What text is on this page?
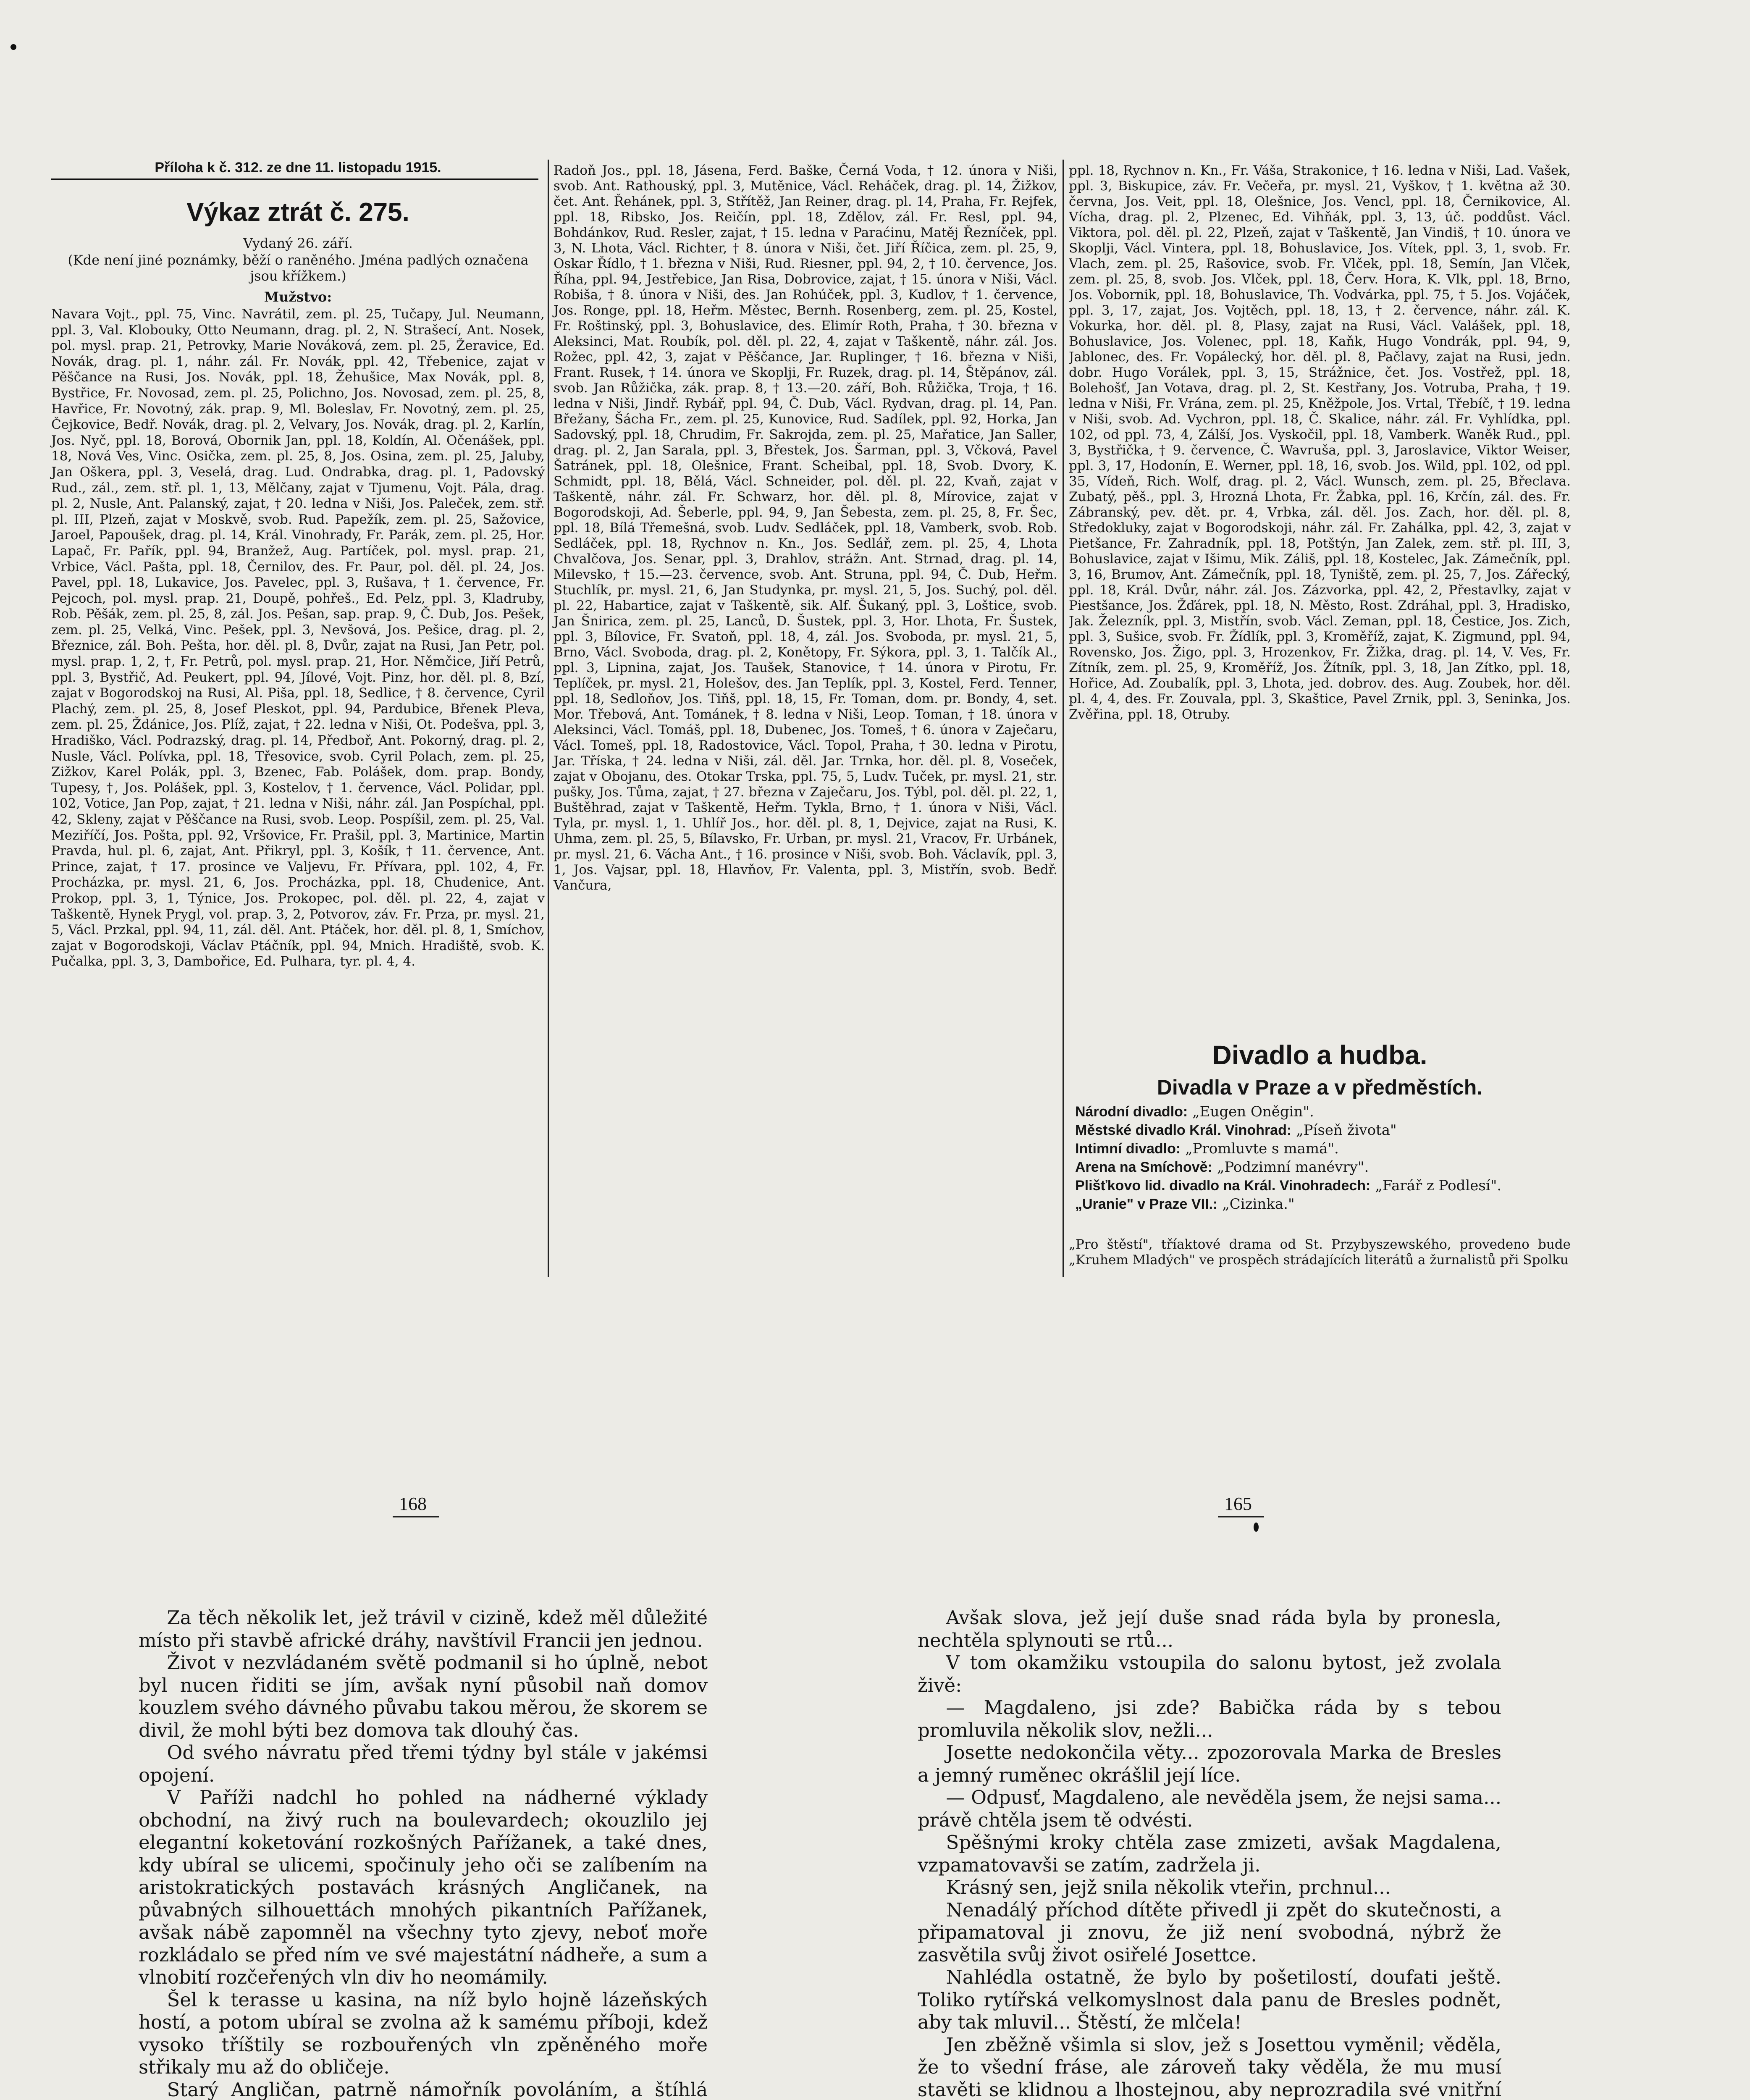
Příloha k č. 312. ze dne 11. listopadu 1915.
Výkaz ztrát č. 275.
Vydaný 26. září.
(Kde není jiné poznámky, běží o raněného. Jména padlých označena jsou křížkem.)
Mužstvo:
Navara Vojt., ppl. 75, Vinc. Navrátil, zem. pl. 25, Tučapy, Jul. Neumann, ppl. 3, Val. Klobouky, Otto Neumann, drag. pl. 2, N. Strašecí, Ant. Nosek, pol. mysl. prap. 21, Petrovky, Marie Nováková, zem. pl. 25, Žeravice, Ed. Novák, drag. pl. 1, náhr. zál. Fr. Novák, ppl. 42, Třebenice, zajat v Pěščance na Rusi, Jos. Novák, ppl. 18, Žehušice, Max Novák, ppl. 8, Bystřice, Fr. Novosad, zem. pl. 25, Polichno, Jos. Novosad, zem. pl. 25, 8, Havřice, Fr. Novotný, zák. prap. 9, Ml. Boleslav, Fr. Novotný, zem. pl. 25, Čejkovice, Bedř. Novák, drag. pl. 2, Velvary, Jos. Novák, drag. pl. 2, Karlín, Jos. Nyč, ppl. 18, Borová, Obornik Jan, ppl. 18, Koldín, Al. Očenášek, ppl. 18, Nová Ves, Vinc. Osička, zem. pl. 25, 8, Jos. Osina, zem. pl. 25, Jaluby, Jan Oškera, ppl. 3, Veselá, drag. Lud. Ondrabka, drag. pl. 1, Padovský Rud., zál., zem. stř. pl. 1, 13, Mělčany, zajat v Tjumenu, Vojt. Pála, drag. pl. 2, Nusle, Ant. Palanský, zajat, † 20. ledna v Niši, Jos. Paleček, zem. stř. pl. III, Plzeň, zajat v Moskvě, svob. Rud. Papežík, zem. pl. 25, Sažovice, Jaroel, Papoušek, drag. pl. 14, Král. Vinohrady, Fr. Parák, zem. pl. 25, Hor. Lapač, Fr. Pařík, ppl. 94, Branžež, Aug. Partíček, pol. mysl. prap. 21, Vrbice, Václ. Pašta, ppl. 18, Černilov, des. Fr. Paur, pol. děl. pl. 24, Jos. Pavel, ppl. 18, Lukavice, Jos. Pavelec, ppl. 3, Rušava, † 1. července, Fr. Pejcoch, pol. mysl. prap. 21, Doupě, pohřeš., Ed. Pelz, ppl. 3, Kladruby, Rob. Pěšák, zem. pl. 25, 8, zál. Jos. Pešan, sap. prap. 9, Č. Dub, Jos. Pešek, zem. pl. 25, Velká, Vinc. Pešek, ppl. 3, Nevšová, Jos. Pešice, drag. pl. 2, Březnice, zál. Boh. Pešta, hor. děl. pl. 8, Dvůr, zajat na Rusi, Jan Petr, pol. mysl. prap. 1, 2, †, Fr. Petrů, pol. mysl. prap. 21, Hor. Němčice, Jiří Petrů, ppl. 3, Bystřič, Ad. Peukert, ppl. 94, Jílové, Vojt. Pinz, hor. děl. pl. 8, Bzí, zajat v Bogorodskoj na Rusi, Al. Piša, ppl. 18, Sedlice, † 8. července, Cyril Plachý, zem. pl. 25, 8, Josef Pleskot, ppl. 94, Pardubice, Břenek Pleva, zem. pl. 25, Ždánice, Jos. Plíž, zajat, † 22. ledna v Niši, Ot. Podešva, ppl. 3, Hradiško, Václ. Podrazský, drag. pl. 14, Předboř, Ant. Pokorný, drag. pl. 2, Nusle, Václ. Polívka, ppl. 18, Třesovice, svob. Cyril Polach, zem. pl. 25, Zižkov, Karel Polák, ppl. 3, Bzenec, Fab. Polášek, dom. prap. Bondy, Tupesy, †, Jos. Polášek, ppl. 3, Kostelov, † 1. července, Václ. Polidar, ppl. 102, Votice, Jan Pop, zajat, † 21. ledna v Niši, náhr. zál. Jan Pospíchal, ppl. 42, Skleny, zajat v Pěščance na Rusi, svob. Leop. Pospíšil, zem. pl. 25, Val. Meziříčí, Jos. Pošta, ppl. 92, Vršovice, Fr. Prašil, ppl. 3, Martinice, Martin Pravda, hul. pl. 6, zajat, Ant. Přikryl, ppl. 3, Košík, † 11. července, Ant. Prince, zajat, † 17. prosince ve Valjevu, Fr. Přívara, ppl. 102, 4, Fr. Procházka, pr. mysl. 21, 6, Jos. Procházka, ppl. 18, Chudenice, Ant. Prokop, ppl. 3, 1, Týnice, Jos. Prokopec, pol. děl. pl. 22, 4, zajat v Taškentě, Hynek Prygl, vol. prap. 3, 2, Potvorov, záv. Fr. Prza, pr. mysl. 21, 5, Václ. Przkal, ppl. 94, 11, zál. děl. Ant. Ptáček, hor. děl. pl. 8, 1, Smíchov, zajat v Bogorodskoji, Václav Ptáčník, ppl. 94, Mnich. Hradiště, svob. K. Pučalka, ppl. 3, 3, Dambořice, Ed. Pulhara, tyr. pl. 4, 4.
Radoň Jos., ppl. 18, Jásena, Ferd. Baške, Černá Voda, † 12. února v Niši, svob. Ant. Rathouský, ppl. 3, Mutěnice, Václ. Reháček, drag. pl. 14, Žižkov, čet. Ant. Řehánek, ppl. 3, Střítěž, Jan Reiner, drag. pl. 14, Praha, Fr. Rejfek, ppl. 18, Ribsko, Jos. Reičín, ppl. 18, Zdělov, zál. Fr. Resl, ppl. 94, Bohdánkov, Rud. Resler, zajat, † 15. ledna v Paraćinu, Matěj Řezníček, ppl. 3, N. Lhota, Václ. Richter, † 8. února v Niši, čet. Jiří Říčica, zem. pl. 25, 9, Oskar Řídlo, † 1. března v Niši, Rud. Riesner, ppl. 94, 2, † 10. července, Jos. Říha, ppl. 94, Jestřebice, Jan Risa, Dobrovice, zajat, † 15. února v Niši, Václ. Robiša, † 8. února v Niši, des. Jan Rohúček, ppl. 3, Kudlov, † 1. července, Jos. Ronge, ppl. 18, Heřm. Městec, Bernh. Rosenberg, zem. pl. 25, Kostel, Fr. Roštinský, ppl. 3, Bohuslavice, des. Elimír Roth, Praha, † 30. března v Aleksinci, Mat. Roubík, pol. děl. pl. 22, 4, zajat v Taškentě, náhr. zál. Jos. Rožec, ppl. 42, 3, zajat v Pěščance, Jar. Ruplinger, † 16. března v Niši, Frant. Rusek, † 14. února ve Skoplji, Fr. Ruzek, drag. pl. 14, Štěpánov, zál. svob. Jan Růžička, zák. prap. 8, † 13.—20. září, Boh. Růžička, Troja, † 16. ledna v Niši, Jindř. Rybář, ppl. 94, Č. Dub, Václ. Rydvan, drag. pl. 14, Pan. Břežany, Šácha Fr., zem. pl. 25, Kunovice, Rud. Sadílek, ppl. 92, Horka, Jan Sadovský, ppl. 18, Chrudim, Fr. Sakrojda, zem. pl. 25, Mařatice, Jan Saller, drag. pl. 2, Jan Sarala, ppl. 3, Břestek, Jos. Šarman, ppl. 3, Včková, Pavel Šatránek, ppl. 18, Olešnice, Frant. Scheibal, ppl. 18, Svob. Dvory, K. Schmidt, ppl. 18, Bělá, Václ. Schneider, pol. děl. pl. 22, Kvaň, zajat v Taškentě, náhr. zál. Fr. Schwarz, hor. děl. pl. 8, Mírovice, zajat v Bogorodskoji, Ad. Šeberle, ppl. 94, 9, Jan Šebesta, zem. pl. 25, 8, Fr. Šec, ppl. 18, Bílá Třemešná, svob. Ludv. Sedláček, ppl. 18, Vamberk, svob. Rob. Sedláček, ppl. 18, Rychnov n. Kn., Jos. Sedlář, zem. pl. 25, 4, Lhota Chvalčova, Jos. Senar, ppl. 3, Drahlov, strážn. Ant. Strnad, drag. pl. 14, Milevsko, † 15.—23. července, svob. Ant. Struna, ppl. 94, Č. Dub, Heřm. Stuchlík, pr. mysl. 21, 6, Jan Studynka, pr. mysl. 21, 5, Jos. Suchý, pol. děl. pl. 22, Habartice, zajat v Taškentě, sik. Alf. Šukaný, ppl. 3, Loštice, svob. Jan Šnirica, zem. pl. 25, Lanců, D. Šustek, ppl. 3, Hor. Lhota, Fr. Šustek, ppl. 3, Bílovice, Fr. Svatoň, ppl. 18, 4, zál. Jos. Svoboda, pr. mysl. 21, 5, Brno, Václ. Svoboda, drag. pl. 2, Konětopy, Fr. Sýkora, ppl. 3, 1. Talčík Al., ppl. 3, Lipnina, zajat, Jos. Taušek, Stanovice, † 14. února v Pirotu, Fr. Teplíček, pr. mysl. 21, Holešov, des. Jan Teplík, ppl. 3, Kostel, Ferd. Tenner, ppl. 18, Sedloňov, Jos. Tiňš, ppl. 18, 15, Fr. Toman, dom. pr. Bondy, 4, set. Mor. Třebová, Ant. Tománek, † 8. ledna v Niši, Leop. Toman, † 18. února v Aleksinci, Václ. Tomáš, ppl. 18, Dubenec, Jos. Tomeš, † 6. února v Zaječaru, Václ. Tomeš, ppl. 18, Radostovice, Václ. Topol, Praha, † 30. ledna v Pirotu, Jar. Tříska, † 24. ledna v Niši, zál. děl. Jar. Trnka, hor. děl. pl. 8, Voseček, zajat v Obojanu, des. Otokar Trska, ppl. 75, 5, Ludv. Tuček, pr. mysl. 21, str. pušky, Jos. Tůma, zajat, † 27. března v Zaječaru, Jos. Týbl, pol. děl. pl. 22, 1, Buštěhrad, zajat v Taškentě, Heřm. Tykla, Brno, † 1. února v Niši, Václ. Tyla, pr. mysl. 1, 1. Uhlíř Jos., hor. děl. pl. 8, 1, Dejvice, zajat na Rusi, K. Uhma, zem. pl. 25, 5, Bílavsko, Fr. Urban, pr. mysl. 21, Vracov, Fr. Urbánek, pr. mysl. 21, 6. Vácha Ant., † 16. prosince v Niši, svob. Boh. Václavík, ppl. 3, 1, Jos. Vajsar, ppl. 18, Hlavňov, Fr. Valenta, ppl. 3, Mistřín, svob. Bedř. Vančura,
ppl. 18, Rychnov n. Kn., Fr. Váša, Strakonice, † 16. ledna v Niši, Lad. Vašek, ppl. 3, Biskupice, záv. Fr. Večeřa, pr. mysl. 21, Vyškov, † 1. května až 30. června, Jos. Veit, ppl. 18, Olešnice, Jos. Vencl, ppl. 18, Černikovice, Al. Vícha, drag. pl. 2, Plzenec, Ed. Vihňák, ppl. 3, 13, úč. poddůst. Václ. Viktora, pol. děl. pl. 22, Plzeň, zajat v Taškentě, Jan Vindiš, † 10. února ve Skoplji, Václ. Vintera, ppl. 18, Bohuslavice, Jos. Vítek, ppl. 3, 1, svob. Fr. Vlach, zem. pl. 25, Rašovice, svob. Fr. Vlček, ppl. 18, Semín, Jan Vlček, zem. pl. 25, 8, svob. Jos. Vlček, ppl. 18, Červ. Hora, K. Vlk, ppl. 18, Brno, Jos. Vobornik, ppl. 18, Bohuslavice, Th. Vodvárka, ppl. 75, † 5. Jos. Vojáček, ppl. 3, 17, zajat, Jos. Vojtěch, ppl. 18, 13, † 2. července, náhr. zál. K. Vokurka, hor. děl. pl. 8, Plasy, zajat na Rusi, Václ. Valášek, ppl. 18, Bohuslavice, Jos. Volenec, ppl. 18, Kaňk, Hugo Vondrák, ppl. 94, 9, Jablonec, des. Fr. Vopálecký, hor. děl. pl. 8, Pačlavy, zajat na Rusi, jedn. dobr. Hugo Vorálek, ppl. 3, 15, Strážnice, čet. Jos. Vostřež, ppl. 18, Bolehošť, Jan Votava, drag. pl. 2, St. Kestřany, Jos. Votruba, Praha, † 19. ledna v Niši, Fr. Vrána, zem. pl. 25, Kněžpole, Jos. Vrtal, Třebíč, † 19. ledna v Niši, svob. Ad. Vychron, ppl. 18, Č. Skalice, náhr. zál. Fr. Vyhlídka, ppl. 102, od ppl. 73, 4, Zálší, Jos. Vyskočil, ppl. 18, Vamberk. Waněk Rud., ppl. 3, Bystřička, † 9. července, Č. Wavruša, ppl. 3, Jaroslavice, Viktor Weiser, ppl. 3, 17, Hodonín, E. Werner, ppl. 18, 16, svob. Jos. Wild, ppl. 102, od ppl. 35, Vídeň, Rich. Wolf, drag. pl. 2, Václ. Wunsch, zem. pl. 25, Břeclava. Zubatý, pěš., ppl. 3, Hrozná Lhota, Fr. Žabka, ppl. 16, Krčín, zál. des. Fr. Zábranský, pev. dět. pr. 4, Vrbka, zál. děl. Jos. Zach, hor. děl. pl. 8, Středokluky, zajat v Bogorodskoji, náhr. zál. Fr. Zahálka, ppl. 42, 3, zajat v Pietšance, Fr. Zahradník, ppl. 18, Potštýn, Jan Zalek, zem. stř. pl. III, 3, Bohuslavice, zajat v Išimu, Mik. Záliš, ppl. 18, Kostelec, Jak. Zámečník, ppl. 3, 16, Brumov, Ant. Zámečník, ppl. 18, Tyniště, zem. pl. 25, 7, Jos. Zářecký, ppl. 18, Král. Dvůr, náhr. zál. Jos. Zázvorka, ppl. 42, 2, Přestavlky, zajat v Piestšance, Jos. Žďárek, ppl. 18, N. Město, Rost. Zdráhal, ppl. 3, Hradisko, Jak. Železník, ppl. 3, Mistřín, svob. Václ. Zeman, ppl. 18, Čestice, Jos. Zich, ppl. 3, Sušice, svob. Fr. Žídlík, ppl. 3, Kroměříž, zajat, K. Zigmund, ppl. 94, Rovensko, Jos. Žigo, ppl. 3, Hrozenkov, Fr. Žižka, drag. pl. 14, V. Ves, Fr. Zítník, zem. pl. 25, 9, Kroměříž, Jos. Žítník, ppl. 3, 18, Jan Zítko, ppl. 18, Hořice, Ad. Zoubalík, ppl. 3, Lhota, jed. dobrov. des. Aug. Zoubek, hor. děl. pl. 4, 4, des. Fr. Zouvala, ppl. 3, Skaštice, Pavel Zrnik, ppl. 3, Seninka, Jos. Zvěřina, ppl. 18, Otruby.
Divadlo a hudba.
Divadla v Praze a v předměstích.
Národní divadlo: „Eugen Oněgin".
Městské divadlo Král. Vinohrad: „Píseň života"
Intimní divadlo: „Promluvte s mamá".
Arena na Smíchově: „Podzimní manévry".
Plišťkovo lid. divadlo na Král. Vinohradech: „Farář z Podlesí".
„Uranie" v Praze VII.: „Cizinka."
„Pro štěstí", tříaktové drama od St. Przybyszewského, provedeno bude „Kruhem Mladých" ve prospěch strádajících literátů a žurnalistů při Spolku
168	165

Za těch několik let, jež trávil v cizině, kdež měl důležité místo při stavbě africké dráhy, navštívil Francii jen jednou.

Život v nezvládaném světě podmanil si ho úplně, nebot byl nucen řiditi se jím, avšak nyní působil naň domov kouzlem svého dávného půvabu takou měrou, že skorem se divil, že mohl býti bez domova tak dlouhý čas.

Od svého návratu před třemi týdny byl stále v jakémsi opojení.

V Paříži nadchl ho pohled na nádherné výklady obchodní, na živý ruch na boulevardech; okouzlilo jej elegantní koketování rozkošných Pařížanek, a také dnes, kdy ubíral se ulicemi, spočinuly jeho oči se zalíbením na aristokratických postavách krásných Angličanek, na půvabných silhouettách mnohých pikantních Pařížanek, avšak nábě zapomněl na všechny tyto zjevy, neboť moře rozkládalo se před ním ve své majestátní nádheře, a sum a vlnobití rozčeřených vln div ho neomámily.

Šel k terasse u kasina, na níž bylo hojně lázeňských hostí, a potom ubíral se zvolna až k samému příboji, kdež vysoko tříštily se rozbouřených vln zpěněného moře střikaly mu až do obličeje.

Starý Angličan, patrně námořník povoláním, a štíhlá

Avšak slova, jež její duše snad ráda byla by pronesla, nechtěla splynouti se rtů...

V tom okamžiku vstoupila do salonu bytost, jež zvolala živě:

— Magdaleno, jsi zde? Babička ráda by s tebou promluvila několik slov, nežli...

Josette nedokončila věty... zpozorovala Marka de Bresles a jemný ruměnec okrášlil její líce.

— Odpusť, Magdaleno, ale nevěděla jsem, že nejsi sama... právě chtěla jsem tě odvésti.

Spěšnými kroky chtěla zase zmizeti, avšak Magdalena, vzpamatovavši se zatím, zadržela ji.

Krásný sen, jejž snila několik vteřin, prchnul...

Nenadálý příchod dítěte přivedl ji zpět do skutečnosti, a připamatoval ji znovu, že již není svobodná, nýbrž že zasvětila svůj život osiřelé Josettce.

Nahlédla ostatně, že bylo by pošetilostí, doufati ještě. Toliko rytířská velkomyslnost dala panu de Bresles podnět, aby tak mluvil... Štěstí, že mlčela!

Jen zběžně všimla si slov, jež s Josettou vyměnil; věděla, že to všední fráse, ale zároveň taky věděla, že mu musí stavěti se klidnou a lhostejnou, aby neprozradila své vnitřní
